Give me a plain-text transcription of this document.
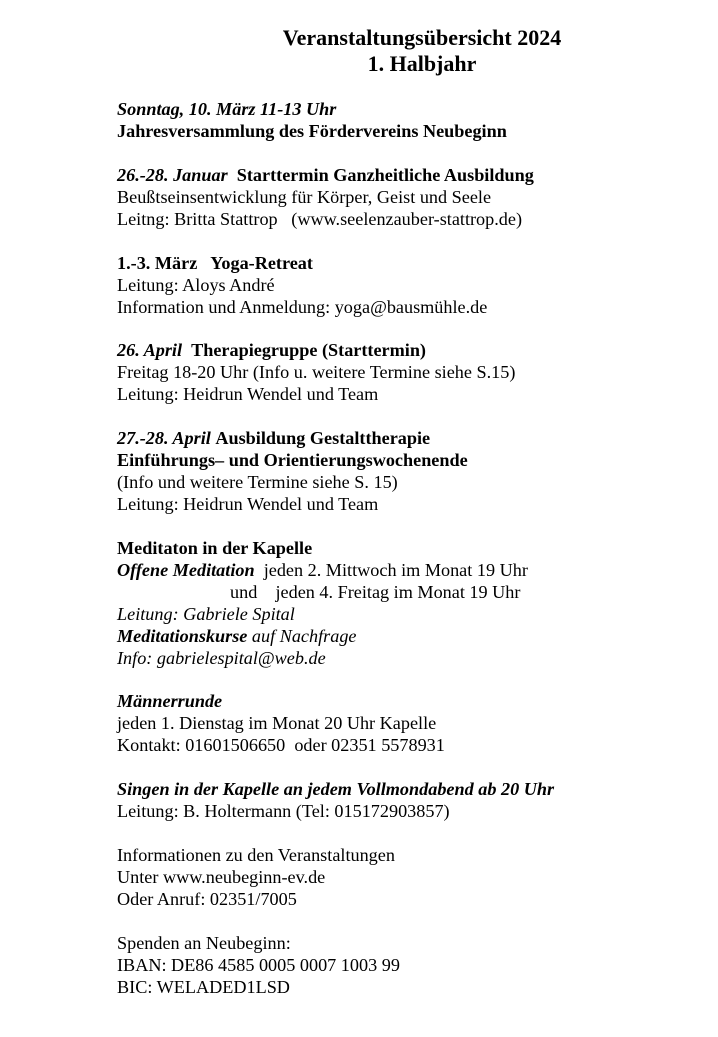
Veranstaltungsübersicht 2024
1. Halbjahr
Sonntag, 10. März 11-13 Uhr
Jahresversammlung des Fördervereins Neubeginn
26.-28. Januar Starttermin Ganzheitliche Ausbildung
Beußtseinsentwicklung für Körper, Geist und Seele
Leitng: Britta Stattrop   (www.seelenzauber-stattrop.de)
1.-3. März Yoga-Retreat
Leitung: Aloys André
Information und Anmeldung: yoga@bausmühle.de
26. April Therapiegruppe (Starttermin)
Freitag 18-20 Uhr (Info u. weitere Termine siehe S.15)
Leitung: Heidrun Wendel und Team
27.-28. April Ausbildung Gestalttherapie
Einführungs– und Orientierungswochenende
(Info und weitere Termine siehe S. 15)
Leitung: Heidrun Wendel und Team
Meditaton in der Kapelle
Offene Meditation jeden 2. Mittwoch im Monat 19 Uhr
und jeden 4. Freitag im Monat 19 Uhr
Leitung: Gabriele Spital
Meditationskurse auf Nachfrage
Info: gabrielespital@web.de
Männerrunde
jeden 1. Dienstag im Monat 20 Uhr Kapelle
Kontakt: 01601506650  oder 02351 5578931
Singen in der Kapelle an jedem Vollmondabend ab 20 Uhr
Leitung: B. Holtermann (Tel: 015172903857)
Informationen zu den Veranstaltungen
Unter www.neubeginn-ev.de
Oder Anruf: 02351/7005
Spenden an Neubeginn:
IBAN: DE86 4585 0005 0007 1003 99
BIC: WELADED1LSD
